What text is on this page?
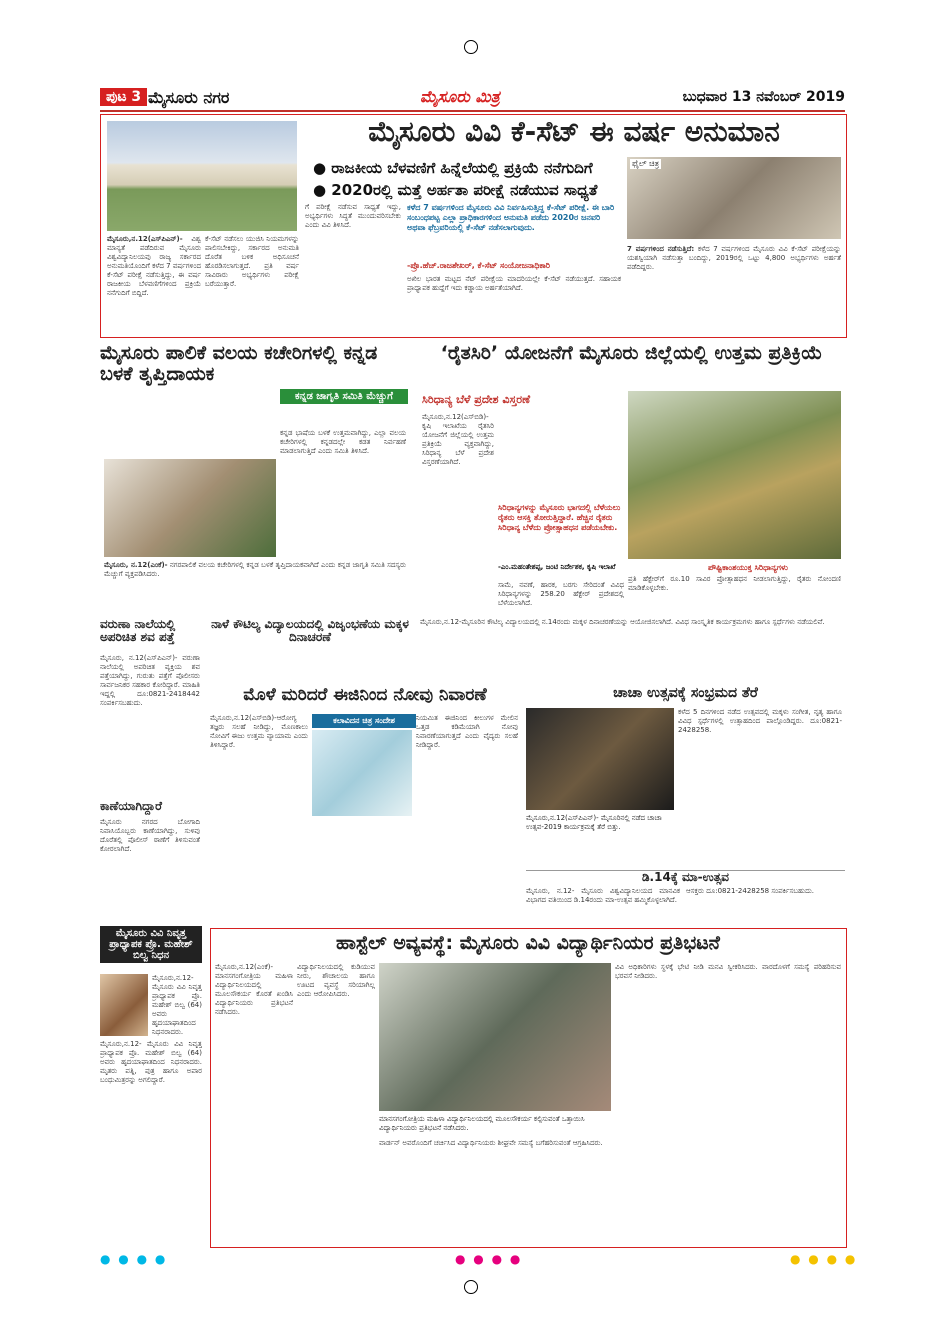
ಪುಟ 3 ಮೈಸೂರು ನಗರ	ಮೈಸೂರು ಮಿತ್ರ	ಬುಧವಾರ 13 ನವೆಂಬರ್ 2019
ಮೈಸೂರು ವಿವಿ ಕೆ-ಸೆಟ್ ಈ ವರ್ಷ ಅನುಮಾನ
● ರಾಜಕೀಯ ಬೆಳವಣಿಗೆ ಹಿನ್ನೆಲೆಯಲ್ಲಿ ಪ್ರಕ್ರಿಯೆ ನನೆಗುದಿಗೆ
● 2020ರಲ್ಲಿ ಮತ್ತೆ ಅರ್ಹತಾ ಪರೀಕ್ಷೆ ನಡೆಯುವ ಸಾಧ್ಯತೆ
ಫೈಲ್ ಚಿತ್ರ
ಕಳೆದ 7 ವರ್ಷಗಳಿಂದ ಮೈಸೂರು ವಿವಿ ನಿರ್ವಹಿಸುತ್ತಿದ್ದ ಕೆ-ಸೆಟ್ ಪರೀಕ್ಷೆ. ಈ ಬಾರಿ ಸಂಬಂಧಪಟ್ಟ ಎಲ್ಲಾ ಪ್ರಾಧಿಕಾರಗಳಿಂದ ಅನುಮತಿ ಪಡೆದು 2020ರ ಜನವರಿ ಅಥವಾ ಫೆಬ್ರವರಿಯಲ್ಲಿ ಕೆ-ಸೆಟ್ ನಡೆಸಲಾಗುವುದು.
-ಪ್ರೊ.ಹೆಚ್.ರಾಜಶೇಖರ್, ಕೆ-ಸೆಟ್ ಸಂಯೋಜನಾಧಿಕಾರಿ

ಮೈಸೂರು,ನ.12(ಎಸ್‌ಪಿಎನ್)- ವಿಶ್ವ ಮಾನ್ಯತೆ ಪಡೆದಿರುವ ಮೈಸೂರು ವಿಶ್ವವಿದ್ಯಾನಿಲಯವು ರಾಜ್ಯ ಸರ್ಕಾರದ ಅನುಮತಿಯೊಂದಿಗೆ ಕಳೆದ 7 ವರ್ಷಗಳಿಂದ ಕೆ-ಸೆಟ್ ಪರೀಕ್ಷೆ ನಡೆಸುತ್ತಿದ್ದು, ಈ ವರ್ಷ ರಾಜಕೀಯ ಬೆಳವಣಿಗೆಗಳಿಂದ ಪ್ರಕ್ರಿಯೆ ನನೆಗುದಿಗೆ ಬಿದ್ದಿದೆ.

ಕೆ-ಸೆಟ್ ನಡೆಸಲು ಯುಜಿಸಿ ನಿಯಮಗಳನ್ನು ಪಾಲಿಸಬೇಕಿದ್ದು, ಸರ್ಕಾರದ ಅನುಮತಿ ದೊರೆತ ಬಳಿಕ ಅಧಿಸೂಚನೆ ಹೊರಡಿಸಲಾಗುತ್ತದೆ. ಪ್ರತಿ ವರ್ಷ ಸಾವಿರಾರು ಅಭ್ಯರ್ಥಿಗಳು ಪರೀಕ್ಷೆ ಬರೆಯುತ್ತಾರೆ.
ಗೆ ಪರೀಕ್ಷೆ ನಡೆಸುವ ಸಾಧ್ಯತೆ ಇದ್ದು, ಅಭ್ಯರ್ಥಿಗಳು ಸಿದ್ಧತೆ ಮುಂದುವರಿಸಬೇಕು ಎಂದು ವಿವಿ ತಿಳಿಸಿದೆ.
ಅಖಿಲ ಭಾರತ ಮಟ್ಟದ ನೆಟ್ ಪರೀಕ್ಷೆಯ ಮಾದರಿಯಲ್ಲೇ ಕೆ-ಸೆಟ್ ನಡೆಯುತ್ತದೆ. ಸಹಾಯಕ ಪ್ರಾಧ್ಯಾಪಕ ಹುದ್ದೆಗೆ ಇದು ಕಡ್ಡಾಯ ಅರ್ಹತೆಯಾಗಿದೆ.

7 ವರ್ಷಗಳಿಂದ ನಡೆಸುತ್ತಿದೆ: ಕಳೆದ 7 ವರ್ಷಗಳಿಂದ ಮೈಸೂರು ವಿವಿ ಕೆ-ಸೆಟ್ ಪರೀಕ್ಷೆಯನ್ನು ಯಶಸ್ವಿಯಾಗಿ ನಡೆಸುತ್ತಾ ಬಂದಿದ್ದು, 2019ರಲ್ಲಿ ಒಟ್ಟು 4,800 ಅಭ್ಯರ್ಥಿಗಳು ಅರ್ಹತೆ ಪಡೆದಿದ್ದರು.

ಮೈಸೂರು ಪಾಲಿಕೆ ವಲಯ ಕಚೇರಿಗಳಲ್ಲಿ ಕನ್ನಡ ಬಳಕೆ ತೃಪ್ತಿದಾಯಕ
ಕನ್ನಡ ಜಾಗೃತಿ ಸಮಿತಿ ಮೆಚ್ಚುಗೆ
ಕನ್ನಡ ಭಾಷೆಯ ಬಳಕೆ ಉತ್ತಮವಾಗಿದ್ದು, ಎಲ್ಲಾ ವಲಯ ಕಚೇರಿಗಳಲ್ಲಿ ಕನ್ನಡದಲ್ಲೇ ಕಡತ ನಿರ್ವಹಣೆ ಮಾಡಲಾಗುತ್ತಿದೆ ಎಂದು ಸಮಿತಿ ತಿಳಿಸಿದೆ.

ಮೈಸೂರು, ನ.12(ಎಂಕೆ)- ನಗರಪಾಲಿಕೆ ವಲಯ ಕಚೇರಿಗಳಲ್ಲಿ ಕನ್ನಡ ಬಳಕೆ ತೃಪ್ತಿದಾಯಕವಾಗಿದೆ ಎಂದು ಕನ್ನಡ ಜಾಗೃತಿ ಸಮಿತಿ ಸದಸ್ಯರು ಮೆಚ್ಚುಗೆ ವ್ಯಕ್ತಪಡಿಸಿದರು.

‘ರೈತಸಿರಿ’ ಯೋಜನೆಗೆ ಮೈಸೂರು ಜಿಲ್ಲೆಯಲ್ಲಿ ಉತ್ತಮ ಪ್ರತಿಕ್ರಿಯೆ
ಸಿರಿಧಾನ್ಯ ಬೆಳೆ ಪ್ರದೇಶ ವಿಸ್ತರಣೆ
ಸಿರಿಧಾನ್ಯಗಳನ್ನು ಮೈಸೂರು ಭಾಗದಲ್ಲಿ ಬೆಳೆಯಲು ರೈತರು ಆಸಕ್ತಿ ತೋರುತ್ತಿದ್ದಾರೆ. ಹೆಚ್ಚಿನ ರೈತರು ಸಿರಿಧಾನ್ಯ ಬೆಳೆದು ಪ್ರೋತ್ಸಾಹಧನ ಪಡೆಯಬೇಕು.
-ಎಂ.ಮಹಂತೇಶಪ್ಪ, ಜಂಟಿ ನಿರ್ದೇಶಕ, ಕೃಷಿ ಇಲಾಖೆ
ಮೈಸೂರು,ನ.12(ಎಸ್‌ಬಿಡಿ)- ಕೃಷಿ ಇಲಾಖೆಯ ರೈತಸಿರಿ ಯೋಜನೆಗೆ ಜಿಲ್ಲೆಯಲ್ಲಿ ಉತ್ತಮ ಪ್ರತಿಕ್ರಿಯೆ ವ್ಯಕ್ತವಾಗಿದ್ದು, ಸಿರಿಧಾನ್ಯ ಬೆಳೆ ಪ್ರದೇಶ ವಿಸ್ತರಣೆಯಾಗಿದೆ.
ಸಾಮೆ, ನವಣೆ, ಹಾರಕ, ಬರಗು ಸೇರಿದಂತೆ ವಿವಿಧ ಸಿರಿಧಾನ್ಯಗಳನ್ನು 258.20 ಹೆಕ್ಟೇರ್ ಪ್ರದೇಶದಲ್ಲಿ ಬೆಳೆಯಲಾಗಿದೆ.
ಪೌಷ್ಟಿಕಾಂಶಯುಕ್ತ ಸಿರಿಧಾನ್ಯಗಳು
ಪ್ರತಿ ಹೆಕ್ಟೇರ್‌ಗೆ ರೂ.10 ಸಾವಿರ ಪ್ರೋತ್ಸಾಹಧನ ನೀಡಲಾಗುತ್ತಿದ್ದು, ರೈತರು ನೋಂದಣಿ ಮಾಡಿಕೊಳ್ಳಬೇಕು.
ವರುಣಾ ನಾಲೆಯಲ್ಲಿ ಅಪರಿಚಿತ ಶವ ಪತ್ತೆ
ಮೈಸೂರು, ನ.12(ಎಸ್‌ಪಿಎನ್)- ವರುಣಾ ನಾಲೆಯಲ್ಲಿ ಅಪರಿಚಿತ ವ್ಯಕ್ತಿಯ ಶವ ಪತ್ತೆಯಾಗಿದ್ದು, ಗುರುತು ಪತ್ತೆಗೆ ಪೊಲೀಸರು ಸಾರ್ವಜನಿಕರ ಸಹಕಾರ ಕೋರಿದ್ದಾರೆ. ಮಾಹಿತಿ ಇದ್ದಲ್ಲಿ ದೂ:0821-2418442 ಸಂಪರ್ಕಿಸಬಹುದು.
ಕಾಣೆಯಾಗಿದ್ದಾರೆ
ಮೈಸೂರು ನಗರದ ಬೋಗಾದಿ ನಿವಾಸಿಯೊಬ್ಬರು ಕಾಣೆಯಾಗಿದ್ದು, ಸುಳಿವು ದೊರೆತಲ್ಲಿ ಪೊಲೀಸ್ ಠಾಣೆಗೆ ತಿಳಿಸುವಂತೆ ಕೋರಲಾಗಿದೆ.
ನಾಳೆ ಕೌಟಿಲ್ಯ ವಿದ್ಯಾಲಯದಲ್ಲಿ ವಿಜೃಂಭಣೆಯ ಮಕ್ಕಳ ದಿನಾಚರಣೆ
ಮೈಸೂರು,ನ.12-ಮೈಸೂರಿನ ಕೌಟಿಲ್ಯ ವಿದ್ಯಾಲಯದಲ್ಲಿ ನ.14ರಂದು ಮಕ್ಕಳ ದಿನಾಚರಣೆಯನ್ನು ಆಯೋಜಿಸಲಾಗಿದೆ. ವಿವಿಧ ಸಾಂಸ್ಕೃತಿಕ ಕಾರ್ಯಕ್ರಮಗಳು ಹಾಗೂ ಸ್ಪರ್ಧೆಗಳು ನಡೆಯಲಿವೆ.
ಮೊಳೆ ಮರಿದರೆ ಈಜಿನಿಂದ ನೋವು ನಿವಾರಣೆ
ಮೈಸೂರು,ನ.12(ಎಸ್‌ಬಿಡಿ)-ಆರೋಗ್ಯ ತಜ್ಞರು ಸಲಹೆ ನೀಡಿದ್ದು, ಮೊಣಕಾಲು ನೋವಿಗೆ ಈಜು ಉತ್ತಮ ವ್ಯಾಯಾಮ ಎಂದು ತಿಳಿಸಿದ್ದಾರೆ.
ಕಲಾವಿದನ ಚಿತ್ರ ಸಂದೇಶ	ನಿಯಮಿತ ಈಜಿನಿಂದ ಕೀಲುಗಳ ಮೇಲಿನ ಒತ್ತಡ ಕಡಿಮೆಯಾಗಿ ನೋವು ನಿವಾರಣೆಯಾಗುತ್ತದೆ ಎಂದು ವೈದ್ಯರು ಸಲಹೆ ನೀಡಿದ್ದಾರೆ.
ಚಾಚಾ ಉತ್ಸವಕ್ಕೆ ಸಂಭ್ರಮದ ತೆರೆ
ಮೈಸೂರು,ನ.12(ಎಸ್‌ಪಿಎನ್)- ಮೈಸೂರಿನಲ್ಲಿ ನಡೆದ ಚಾಚಾ ಉತ್ಸವ-2019 ಕಾರ್ಯಕ್ರಮಕ್ಕೆ ತೆರೆ ಬಿತ್ತು.
ಕಳೆದ 5 ದಿನಗಳಿಂದ ನಡೆದ ಉತ್ಸವದಲ್ಲಿ ಮಕ್ಕಳು ಸಂಗೀತ, ನೃತ್ಯ ಹಾಗೂ ವಿವಿಧ ಸ್ಪರ್ಧೆಗಳಲ್ಲಿ ಉತ್ಸಾಹದಿಂದ ಪಾಲ್ಗೊಂಡಿದ್ದರು. ದೂ:0821-2428258.
ಡಿ.14ಕ್ಕೆ ಮಾ-ಉತ್ಸವ
ಮೈಸೂರು, ನ.12- ಮೈಸೂರು ವಿಶ್ವವಿದ್ಯಾನಿಲಯದ ಮಾನವಿಕ ವಿಭಾಗದ ವತಿಯಿಂದ ಡಿ.14ರಂದು ಮಾ-ಉತ್ಸವ ಹಮ್ಮಿಕೊಳ್ಳಲಾಗಿದೆ.
ಆಸಕ್ತರು ದೂ:0821-2428258 ಸಂಪರ್ಕಿಸಬಹುದು.
ಮೈಸೂರು ವಿವಿ ನಿವೃತ್ತ ಪ್ರಾಧ್ಯಾಪಕ ಪ್ರೊ. ಮಹೇಶ್ ಬಿಲ್ವ ನಿಧನ
ಮೈಸೂರು,ನ.12- ಮೈಸೂರು ವಿವಿ ನಿವೃತ್ತ ಪ್ರಾಧ್ಯಾಪಕ ಪ್ರೊ. ಮಹೇಶ್ ಬಿಲ್ವ (64) ಅವರು ಹೃದಯಾಘಾತದಿಂದ ನಿಧನರಾದರು.
ಮೈಸೂರು,ನ.12- ಮೈಸೂರು ವಿವಿ ನಿವೃತ್ತ ಪ್ರಾಧ್ಯಾಪಕ ಪ್ರೊ. ಮಹೇಶ್ ಬಿಲ್ವ (64) ಅವರು ಹೃದಯಾಘಾತದಿಂದ ನಿಧನರಾದರು. ಮೃತರು ಪತ್ನಿ, ಪುತ್ರ ಹಾಗೂ ಅಪಾರ ಬಂಧುಮಿತ್ರರನ್ನು ಅಗಲಿದ್ದಾರೆ.
ಹಾಸ್ಟೆಲ್ ಅವ್ಯವಸ್ಥೆ: ಮೈಸೂರು ವಿವಿ ವಿದ್ಯಾರ್ಥಿನಿಯರ ಪ್ರತಿಭಟನೆ
ಮೈಸೂರು,ನ.12(ಎಂಕೆ)- ಮಾನಸಗಂಗೋತ್ರಿಯ ಮಹಿಳಾ ವಿದ್ಯಾರ್ಥಿನಿಲಯದಲ್ಲಿ ಮೂಲಸೌಕರ್ಯ ಕೊರತೆ ಖಂಡಿಸಿ ವಿದ್ಯಾರ್ಥಿನಿಯರು ಪ್ರತಿಭಟನೆ ನಡೆಸಿದರು.
ವಿದ್ಯಾರ್ಥಿನಿಲಯದಲ್ಲಿ ಕುಡಿಯುವ ನೀರು, ಶೌಚಾಲಯ ಹಾಗೂ ಊಟದ ವ್ಯವಸ್ಥೆ ಸರಿಯಾಗಿಲ್ಲ ಎಂದು ಆರೋಪಿಸಿದರು.
ಮಾನಸಗಂಗೋತ್ರಿಯ ಮಹಿಳಾ ವಿದ್ಯಾರ್ಥಿನಿಲಯದಲ್ಲಿ ಮೂಲಸೌಕರ್ಯ ಕಲ್ಪಿಸುವಂತೆ ಒತ್ತಾಯಿಸಿ ವಿದ್ಯಾರ್ಥಿನಿಯರು ಪ್ರತಿಭಟನೆ ನಡೆಸಿದರು.
ವಾರ್ಡನ್ ಅವರೊಂದಿಗೆ ಚರ್ಚಿಸಿದ ವಿದ್ಯಾರ್ಥಿನಿಯರು ಶೀಘ್ರವೇ ಸಮಸ್ಯೆ ಬಗೆಹರಿಸುವಂತೆ ಆಗ್ರಹಿಸಿದರು.
ವಿವಿ ಅಧಿಕಾರಿಗಳು ಸ್ಥಳಕ್ಕೆ ಭೇಟಿ ನೀಡಿ ಮನವಿ ಸ್ವೀಕರಿಸಿದರು. ವಾರದೊಳಗೆ ಸಮಸ್ಯೆ ಪರಿಹರಿಸುವ ಭರವಸೆ ನೀಡಿದರು.
● ● ● ●	● ● ● ●	● ● ● ●
